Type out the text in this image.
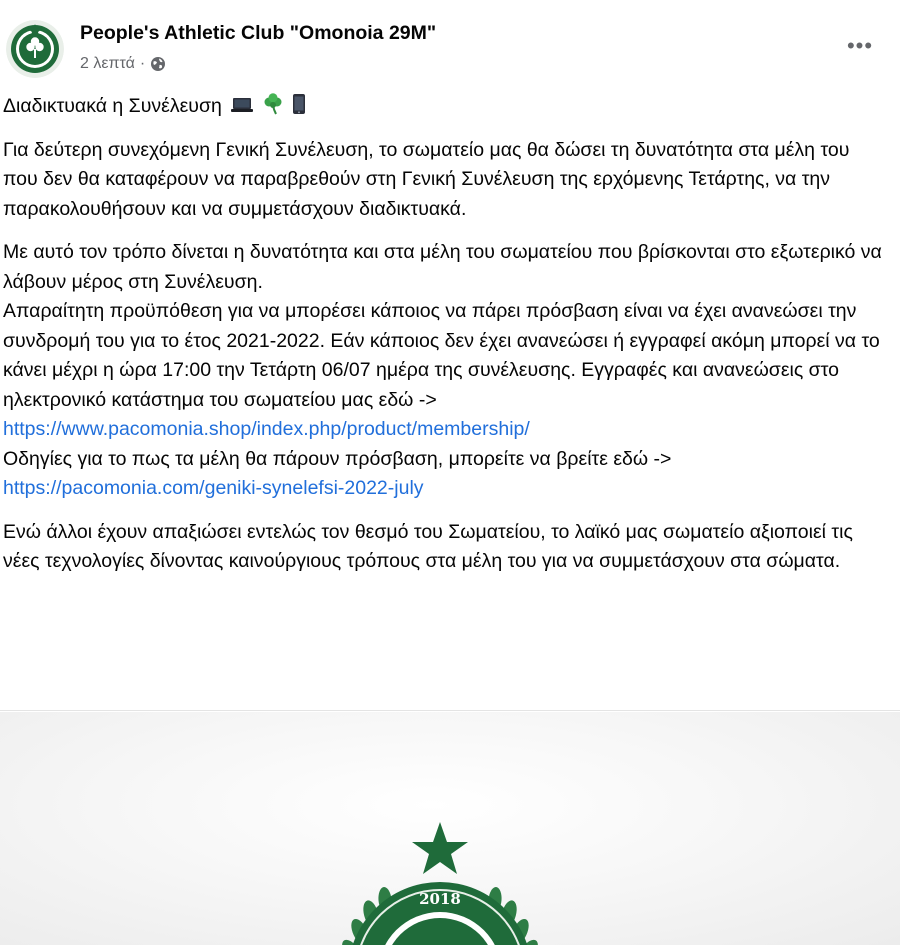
People's Athletic Club "Omonoia 29M"
2 λεπτά ·
•••

Διαδικτυακά η Συνέλευση

Για δεύτερη συνεχόμενη Γενική Συνέλευση, το σωματείο μας θα δώσει τη δυνατότητα στα μέλη του που δεν θα καταφέρουν να παραβρεθούν στη Γενική Συνέλευση της ερχόμενης Τετάρτης, να την παρακολουθήσουν και να συμμετάσχουν διαδικτυακά.

Με αυτό τον τρόπο δίνεται η δυνατότητα και στα μέλη του σωματείου που βρίσκονται στο εξωτερικό να λάβουν μέρος στη Συνέλευση.

Απαραίτητη προϋπόθεση για να μπορέσει κάποιος να πάρει πρόσβαση είναι να έχει ανανεώσει την συνδρομή του για το έτος 2021-2022. Εάν κάποιος δεν έχει ανανεώσει ή εγγραφεί ακόμη μπορεί να το κάνει μέχρι η ώρα 17:00 την Τετάρτη 06/07 ημέρα της συνέλευσης. Εγγραφές και ανανεώσεις στο ηλεκτρονικό κατάστημα του σωματείου μας εδώ ->

https://www.pacomonia.shop/index.php/product/membership/

Οδηγίες για το πως τα μέλη θα πάρουν πρόσβαση, μπορείτε να βρείτε εδώ ->

https://pacomonia.com/geniki-synelefsi-2022-july

Ενώ άλλοι έχουν απαξιώσει εντελώς τον θεσμό του Σωματείου, το λαϊκό μας σωματείο αξιοποιεί τις νέες τεχνολογίες δίνοντας καινούργιους τρόπους στα μέλη του για να συμμετάσχουν στα σώματα.

2018
